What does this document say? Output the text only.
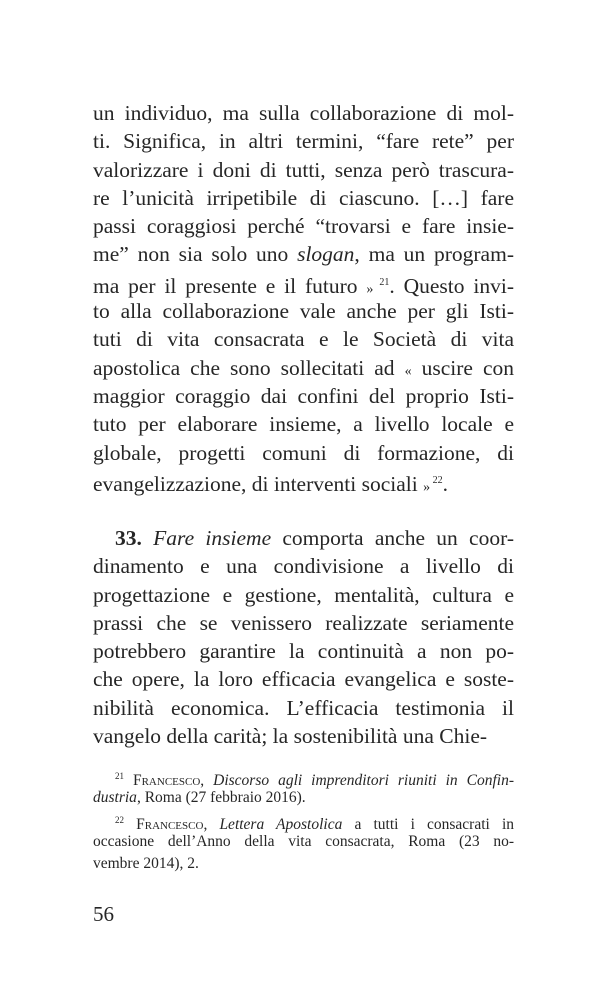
un individuo, ma sulla collaborazione di mol-
ti. Significa, in altri termini, “fare rete” per
valorizzare i doni di tutti, senza però trascura-
re l’unicità irripetibile di ciascuno. […] fare
passi coraggiosi perché “trovarsi e fare insie-
me” non sia solo uno slogan, ma un program-
ma per il presente e il futuro » $^{21}$. Questo invi-
to alla collaborazione vale anche per gli Isti-
tuti di vita consacrata e le Società di vita
apostolica che sono sollecitati ad « uscire con
maggior coraggio dai confini del proprio Isti-
tuto per elaborare insieme, a livello locale e
globale, progetti comuni di formazione, di
evangelizzazione, di interventi sociali » $^{22}$.
33. Fare insieme comporta anche un coor-
dinamento e una condivisione a livello di
progettazione e gestione, mentalità, cultura e
prassi che se venissero realizzate seriamente
potrebbero garantire la continuità a non po-
che opere, la loro efficacia evangelica e soste-
nibilità economica. L’efficacia testimonia il
vangelo della carità; la sostenibilità una Chie-
$^{21}$ Francesco, Discorso agli imprenditori riuniti in Confin-
dustria, Roma (27 febbraio 2016).
$^{22}$ Francesco, Lettera Apostolica a tutti i consacrati in
occasione dell’Anno della vita consacrata, Roma (23 no-
vembre 2014), 2.
56
